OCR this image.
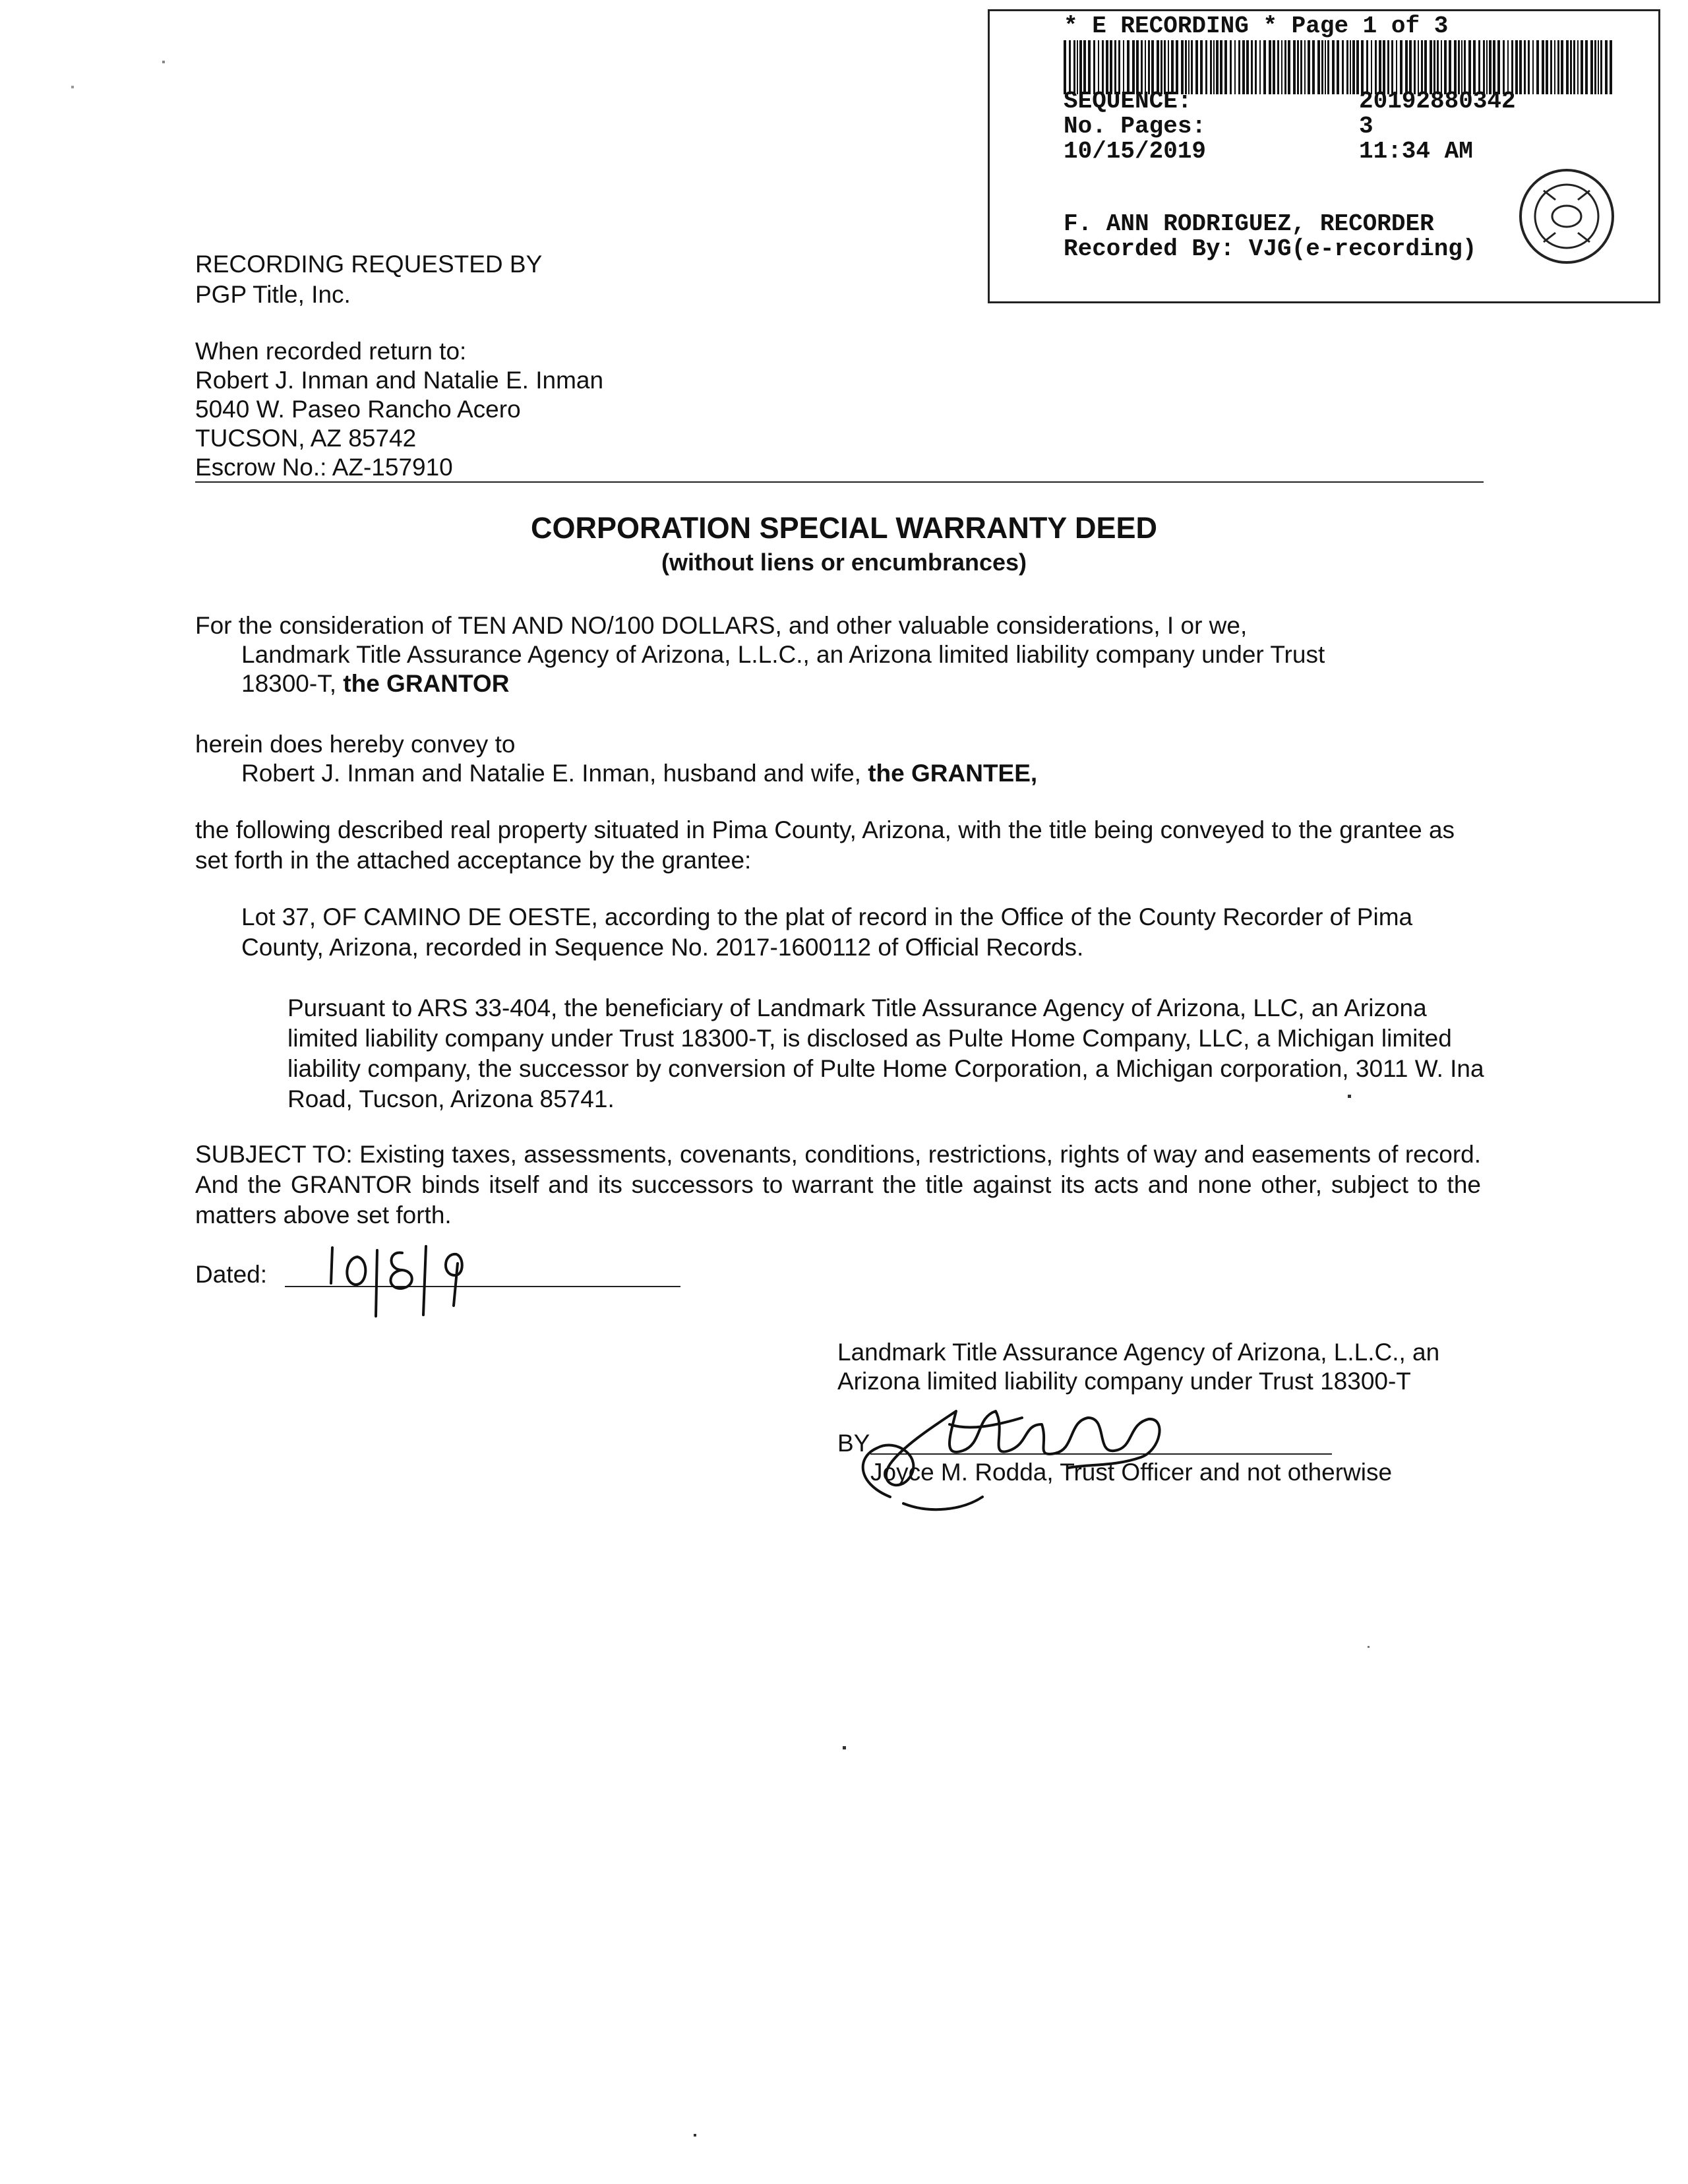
* E RECORDING * Page 1 of 3
SEQUENCE:	20192880342
No. Pages:	3
10/15/2019	11:34 AM
F. ANN RODRIGUEZ, RECORDER
Recorded By: VJG(e-recording)
RECORDING REQUESTED BY
PGP Title, Inc.
When recorded return to:
Robert J. Inman and Natalie E. Inman
5040 W. Paseo Rancho Acero
TUCSON, AZ 85742
Escrow No.: AZ-157910
CORPORATION SPECIAL WARRANTY DEED
(without liens or encumbrances)
For the consideration of TEN AND NO/100 DOLLARS, and other valuable considerations, I or we,
Landmark Title Assurance Agency of Arizona, L.L.C., an Arizona limited liability company under Trust
18300-T, the GRANTOR
herein does hereby convey to
Robert J. Inman and Natalie E. Inman, husband and wife, the GRANTEE,
the following described real property situated in Pima County, Arizona, with the title being conveyed to the grantee as set forth in the attached acceptance by the grantee:
Lot 37, OF CAMINO DE OESTE, according to the plat of record in the Office of the County Recorder of Pima County, Arizona, recorded in Sequence No. 2017-1600112 of Official Records.
Pursuant to ARS 33-404, the beneficiary of Landmark Title Assurance Agency of Arizona, LLC, an Arizona limited liability company under Trust 18300-T, is disclosed as Pulte Home Company, LLC, a Michigan limited liability company, the successor by conversion of Pulte Home Corporation, a Michigan corporation, 3011 W. Ina Road, Tucson, Arizona 85741.
SUBJECT TO: Existing taxes, assessments, covenants, conditions, restrictions, rights of way and easements of record. And the GRANTOR binds itself and its successors to warrant the title against its acts and none other, subject to the matters above set forth.
Dated:
Landmark Title Assurance Agency of Arizona, L.L.C., an
Arizona limited liability company under Trust 18300-T
BY
Joyce M. Rodda, Trust Officer and not otherwise
